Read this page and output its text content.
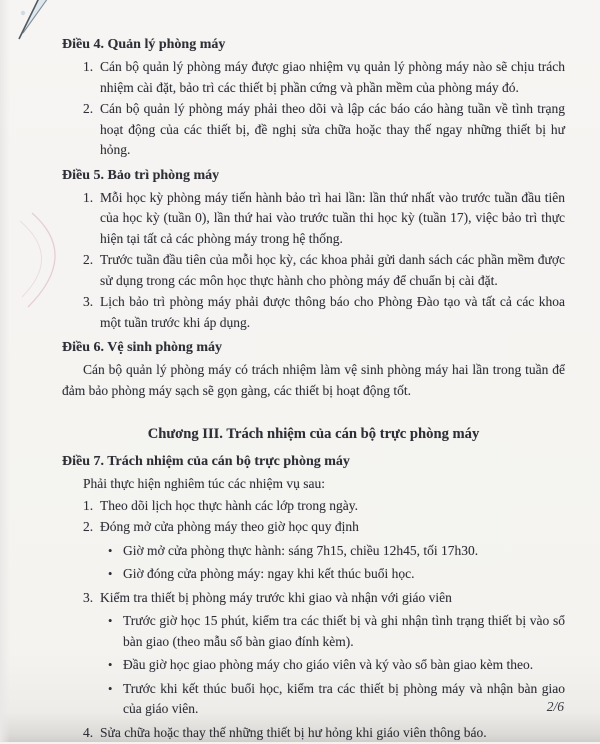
Điều 4. Quản lý phòng máy
1. Cán bộ quản lý phòng máy được giao nhiệm vụ quản lý phòng máy nào sẽ chịu trách nhiệm cài đặt, bảo trì các thiết bị phần cứng và phần mềm của phòng máy đó.
2. Cán bộ quản lý phòng máy phải theo dõi và lập các báo cáo hàng tuần về tình trạng hoạt động của các thiết bị, đề nghị sửa chữa hoặc thay thế ngay những thiết bị hư hỏng.
Điều 5. Bảo trì phòng máy
1. Mỗi học kỳ phòng máy tiến hành bảo trì hai lần: lần thứ nhất vào trước tuần đầu tiên của học kỳ (tuần 0), lần thứ hai vào trước tuần thi học kỳ (tuần 17), việc bảo trì thực hiện tại tất cả các phòng máy trong hệ thống.
2. Trước tuần đầu tiên của mỗi học kỳ, các khoa phải gửi danh sách các phần mềm được sử dụng trong các môn học thực hành cho phòng máy để chuẩn bị cài đặt.
3. Lịch bảo trì phòng máy phải được thông báo cho Phòng Đào tạo và tất cả các khoa một tuần trước khi áp dụng.
Điều 6. Vệ sinh phòng máy
Cán bộ quản lý phòng máy có trách nhiệm làm vệ sinh phòng máy hai lần trong tuần để đảm bảo phòng máy sạch sẽ gọn gàng, các thiết bị hoạt động tốt.
Chương III. Trách nhiệm của cán bộ trực phòng máy
Điều 7. Trách nhiệm của cán bộ trực phòng máy
Phải thực hiện nghiêm túc các nhiệm vụ sau:
1. Theo dõi lịch học thực hành các lớp trong ngày.
2. Đóng mở cửa phòng máy theo giờ học quy định
• Giờ mở cửa phòng thực hành: sáng 7h15, chiều 12h45, tối 17h30.
• Giờ đóng cửa phòng máy: ngay khi kết thúc buổi học.
3. Kiểm tra thiết bị phòng máy trước khi giao và nhận với giáo viên
• Trước giờ học 15 phút, kiểm tra các thiết bị và ghi nhận tình trạng thiết bị vào sổ bàn giao (theo mẫu sổ bàn giao đính kèm).
• Đầu giờ học giao phòng máy cho giáo viên và ký vào sổ bàn giao kèm theo.
• Trước khi kết thúc buổi học, kiểm tra các thiết bị phòng máy và nhận bàn giao của giáo viên.
4. Sửa chữa hoặc thay thế những thiết bị hư hỏng khi giáo viên thông báo.
2/6
